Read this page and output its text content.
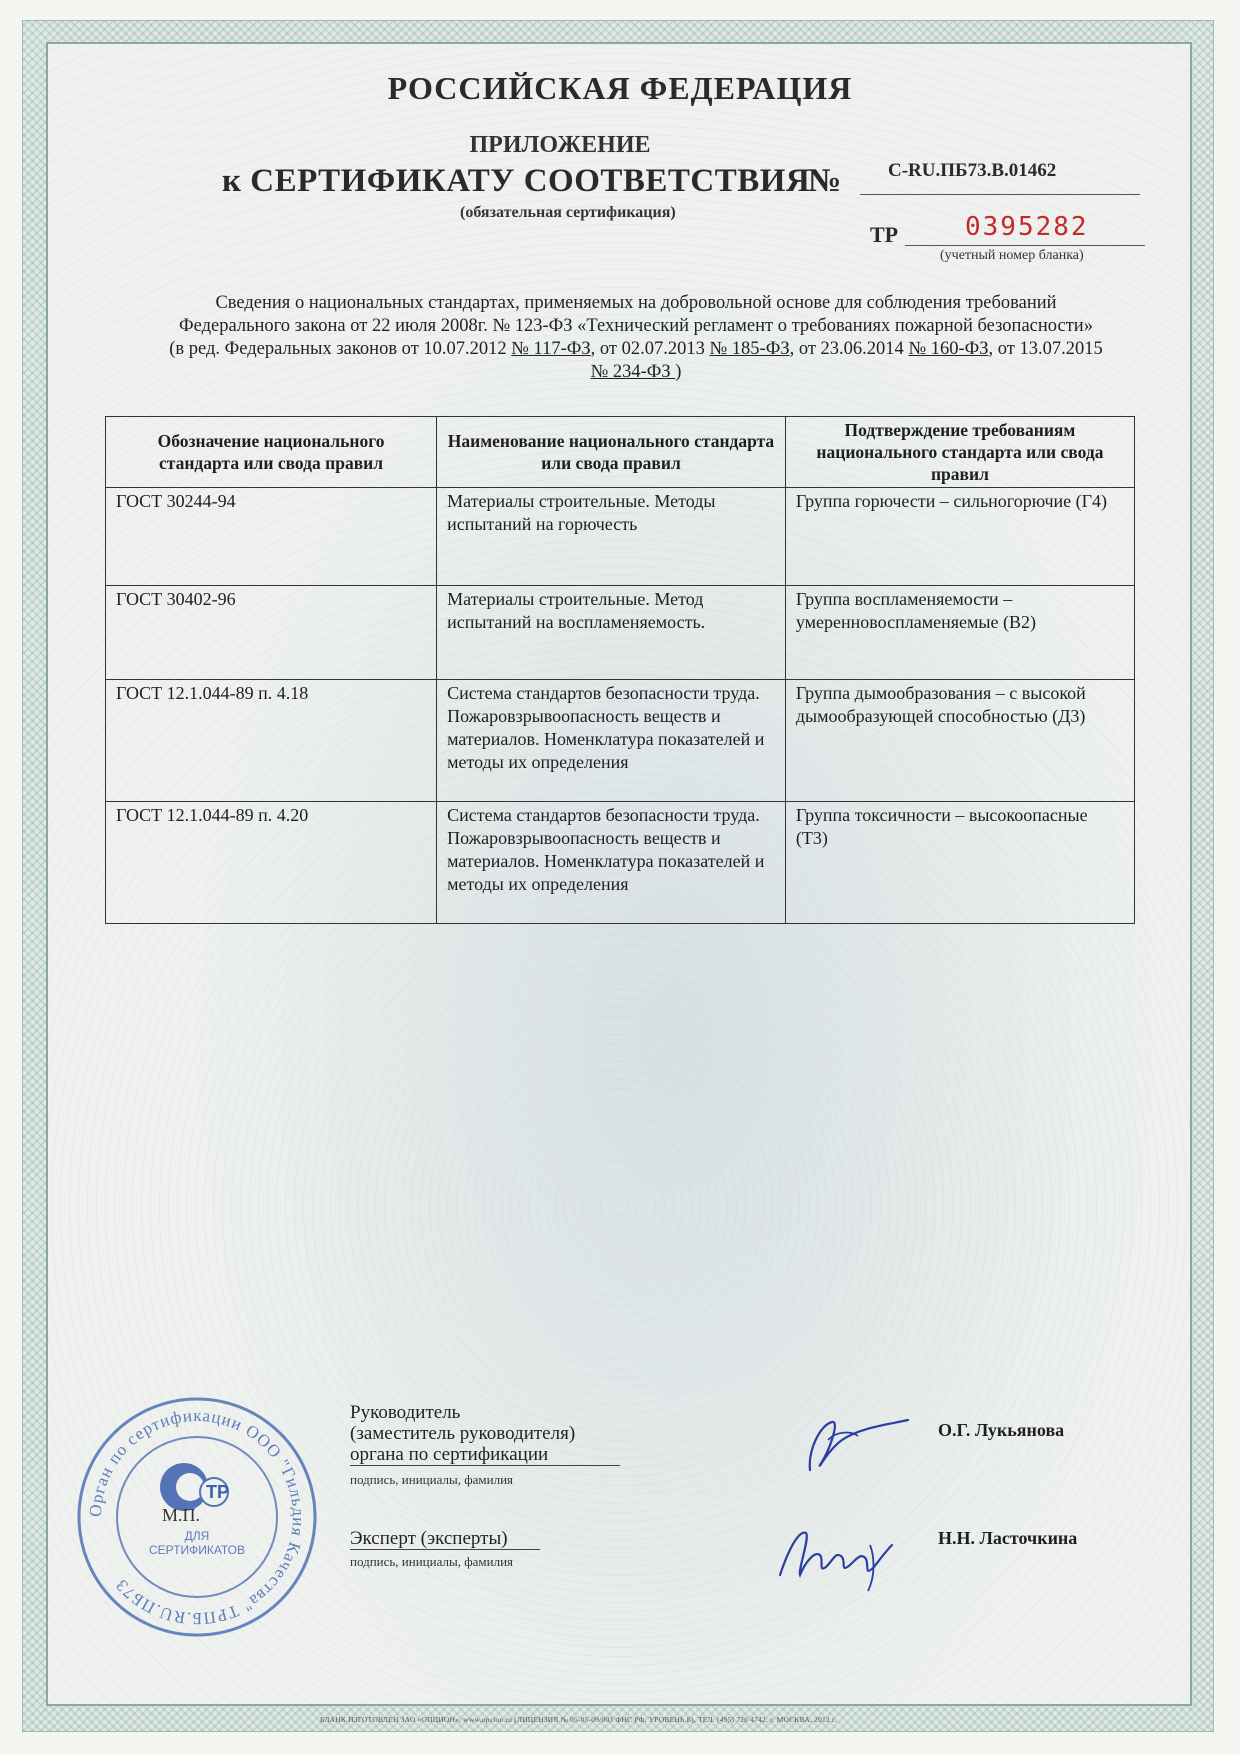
РОССИЙСКАЯ ФЕДЕРАЦИЯ
ПРИЛОЖЕНИЕ
к СЕРТИФИКАТУ СООТВЕТСТВИЯ
№ C-RU.ПБ73.В.01462
(обязательная сертификация)
ТР	0395282
(учетный номер бланка)
Сведения о национальных стандартах, применяемых на добровольной основе для соблюдения требований
Федерального закона от 22 июля 2008г. № 123-ФЗ «Технический регламент о требованиях пожарной безопасности»
(в ред. Федеральных законов от 10.07.2012 № 117-ФЗ, от 02.07.2013 № 185-ФЗ, от 23.06.2014 № 160-ФЗ, от 13.07.2015
№ 234-ФЗ )
Обозначение национального стандарта или свода правил	Наименование национального стандарта или свода правил	Подтверждение требованиям национального стандарта или свода правил
ГОСТ 30244-94	Материалы строительные. Методы испытаний на горючесть	Группа горючести – сильногорючие (Г4)
ГОСТ 30402-96	Материалы строительные. Метод испытаний на воспламеняемость.	Группа воспламеняемости – умеренновоспламеняемые (В2)
ГОСТ 12.1.044-89 п. 4.18	Система стандартов безопасности труда. Пожаровзрывоопасность веществ и материалов. Номенклатура показателей и методы их определения	Группа дымообразования – с высокой дымообразующей способностью (Д3)
ГОСТ 12.1.044-89 п. 4.20	Система стандартов безопасности труда. Пожаровзрывоопасность веществ и материалов. Номенклатура показателей и методы их определения	Группа токсичности – высокоопасные (Т3)
Орган по сертификации ООО "Гильдия Качества" ТРПБ.RU.ПБ73
ТР
ДЛЯ
СЕРТИФИКАТОВ
М.П.
Руководитель
(заместитель руководителя)
органа по сертификации
подпись, инициалы, фамилия
О.Г. Лукьянова
Эксперт (эксперты)
подпись, инициалы, фамилия
Н.Н. Ласточкина
БЛАНК ИЗГОТОВЛЕН ЗАО «ОПЦИОН», www.opcion.ru (ЛИЦЕНЗИЯ № 05-05-09/003 ФНС РФ, УРОВЕНЬ Б), ТЕЛ. (495) 726 4742, г. МОСКВА, 2012 г.
